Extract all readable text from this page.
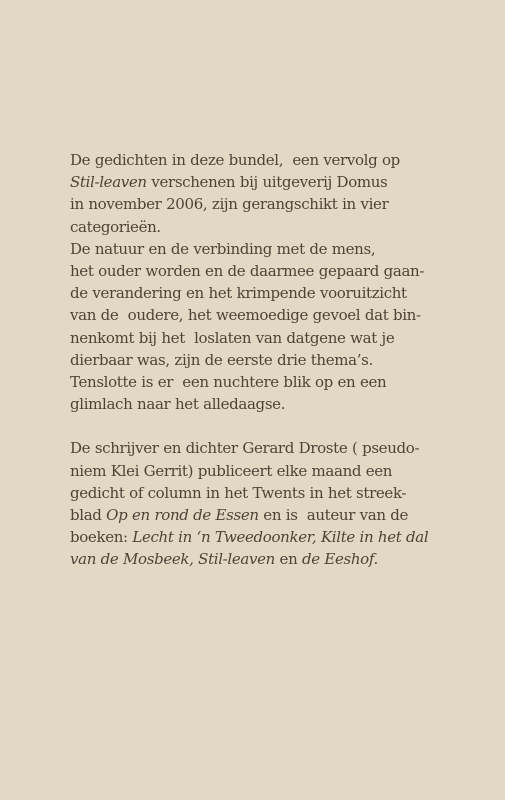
De gedichten in deze bundel,  een vervolg op
Stil-leaven verschenen bij uitgeverij Domus
in november 2006, zijn gerangschikt in vier
categorieën.
De natuur en de verbinding met de mens,
het ouder worden en de daarmee gepaard gaan-
de verandering en het krimpende vooruitzicht
van de  oudere, het weemoedige gevoel dat bin-
nenkomt bij het  loslaten van datgene wat je
dierbaar was, zijn de eerste drie thema’s.
Tenslotte is er  een nuchtere blik op en een
glimlach naar het alledaagse.
De schrijver en dichter Gerard Droste ( pseudo-
niem Klei Gerrit) publiceert elke maand een
gedicht of column in het Twents in het streek-
blad Op en rond de Essen en is  auteur van de
boeken: Lecht in ‘n Tweedoonker, Kilte in het dal
van de Mosbeek, Stil-leaven en de Eeshof.
